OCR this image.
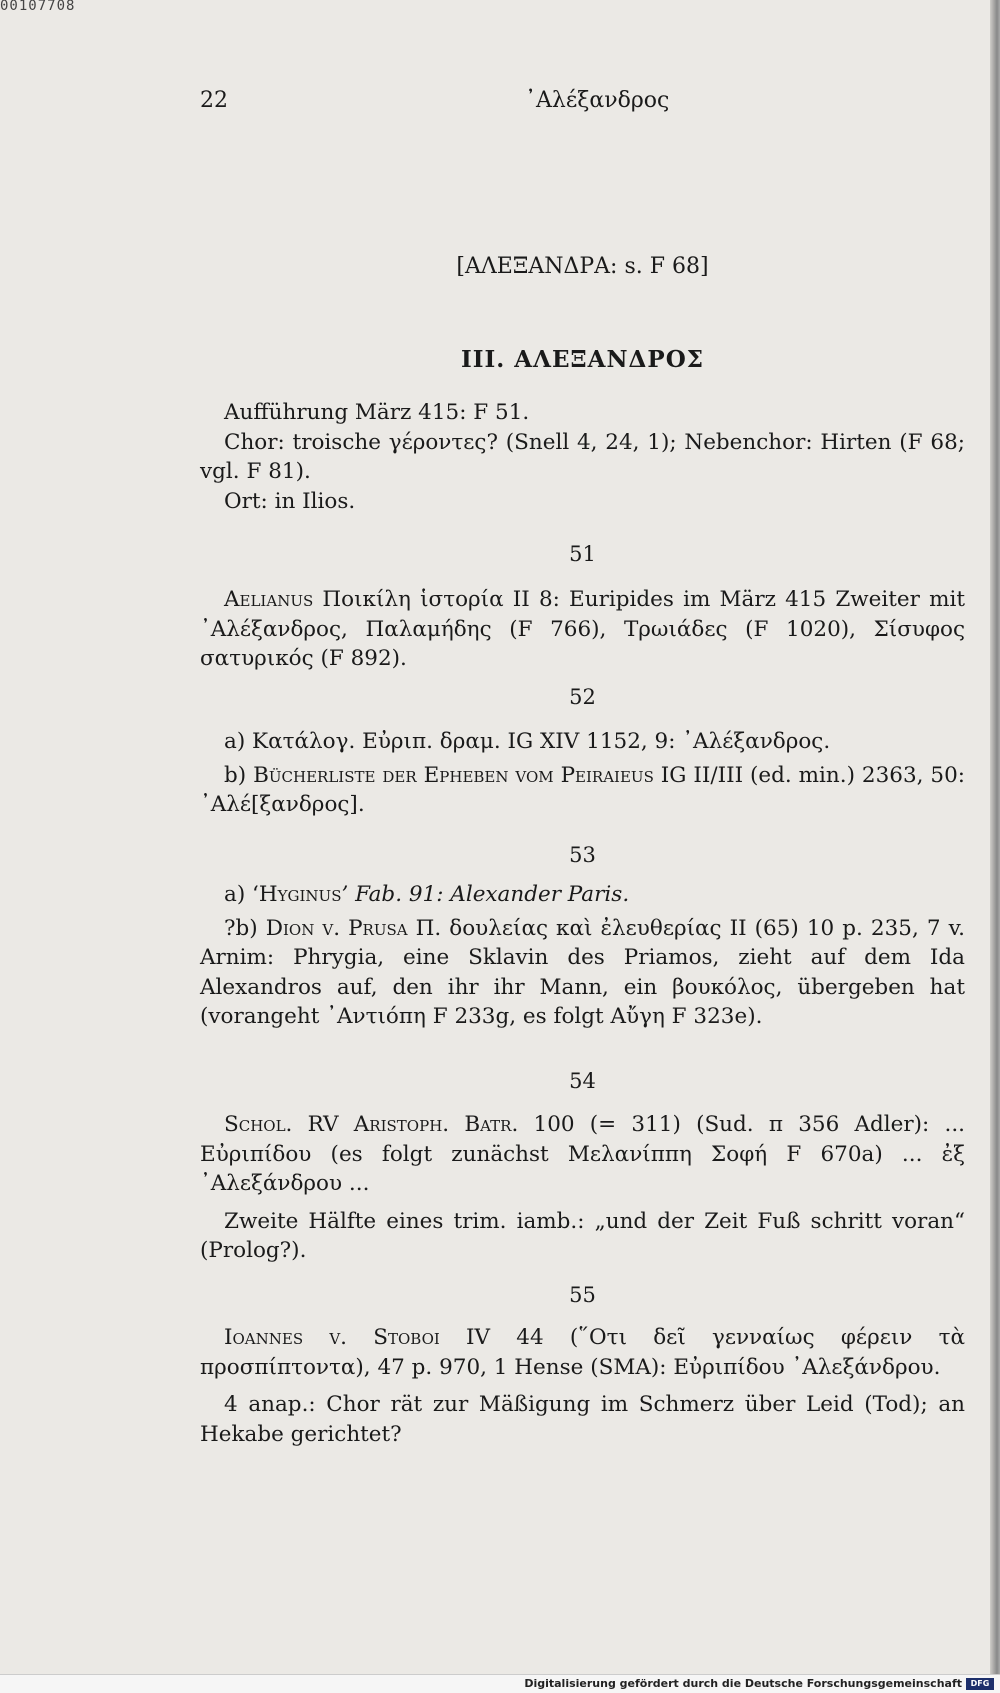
00107708
22	᾿Αλέξανδρος
[ΑΛΕΞΑΝΔΡΑ: s. F 68]
III. ΑΛΕΞΑΝΔΡΟΣ

Aufführung März 415: F 51.

Chor: troische γέροντες? (Snell 4, 24, 1); Nebenchor: Hirten (F 68; vgl. F 81).

Ort: in Ilios.

51

Aelianus Ποικίλη ἱστορία II 8: Euripides im März 415 Zweiter mit ᾿Αλέξανδρος, Παλαμήδης (F 766), Τρωιάδες (F 1020), Σίσυφος σατυρικός (F 892).

52

a) Κατάλογ. Εὐριπ. δραμ. IG XIV 1152, 9: ᾿Αλέξανδρος.

b) Bücherliste der Epheben vom Peiraieus IG II/III (ed. min.) 2363, 50: ᾿Αλέ[ξανδρος].

53

a) ‘Hyginus’ Fab. 91: Alexander Paris.

?b) Dion v. Prusa Π. δουλείας καὶ ἐλευθερίας II (65) 10 p. 235, 7 v. Arnim: Phrygia, eine Sklavin des Priamos, zieht auf dem Ida Alexandros auf, den ihr ihr Mann, ein βουκόλος, übergeben hat (vorangeht ᾿Αντιόπη F 233g, es folgt Αὔγη F 323e).

54

Schol. RV Aristoph. Batr. 100 (= 311) (Sud. π 356 Adler): ... Εὐριπίδου (es folgt zunächst Μελανίππη Σοφή F 670a) ... ἐξ ᾿Αλεξάνδρου ...

Zweite Hälfte eines trim. iamb.: „und der Zeit Fuß schritt voran“ (Prolog?).

55

Ioannes v. Stoboi IV 44 (῞Οτι δεῖ γενναίως φέρειν τὰ προσπίπτοντα), 47 p. 970, 1 Hense (SMA): Εὐριπίδου ᾿Αλεξάνδρου.

4 anap.: Chor rät zur Mäßigung im Schmerz über Leid (Tod); an Hekabe gerichtet?

Digitalisierung gefördert durch die Deutsche Forschungsgemeinschaft	DFG
